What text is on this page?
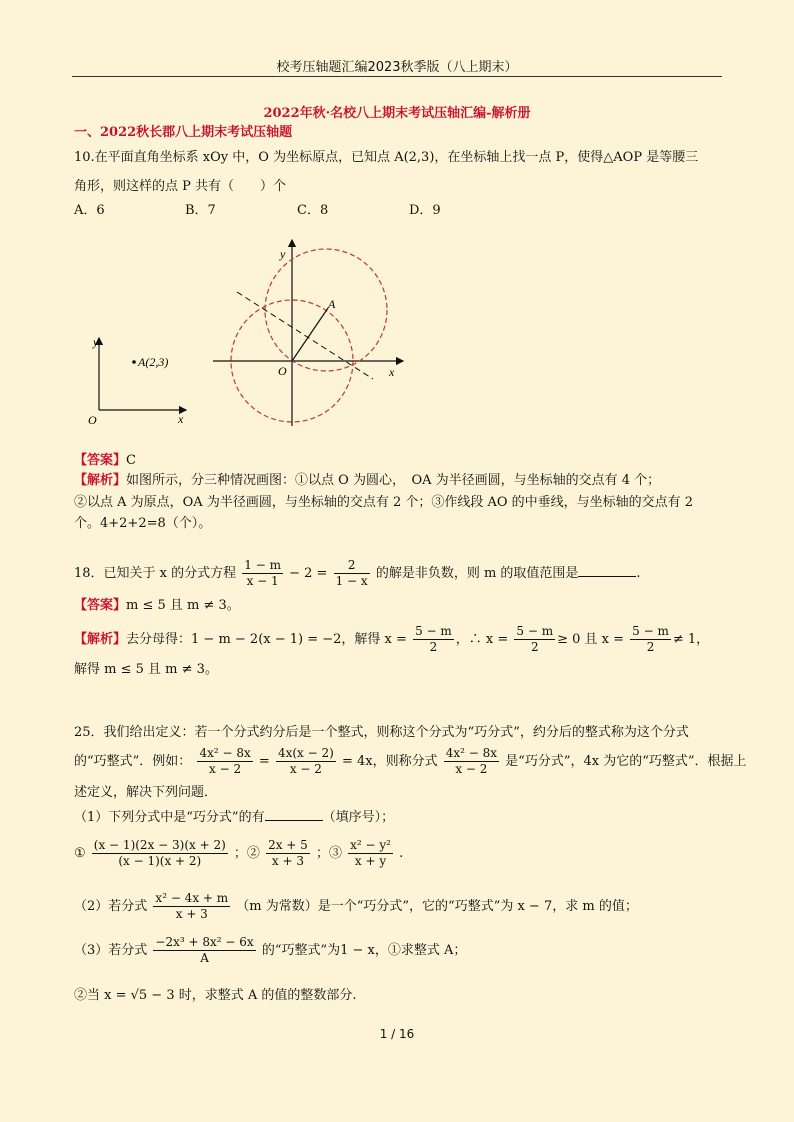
校考压轴题汇编2023秋季版（八上期末）
2022年秋·名校八上期末考试压轴汇编-解析册
一、2022秋长郡八上期末考试压轴题
10.在平面直角坐标系 xOy 中，O 为坐标原点，已知点 A(2,3)，在坐标轴上找一点 P，使得△AOP 是等腰三
角形，则这样的点 P 共有（　　）个
A．6	B．7	C．8	D．9
y
x
O
A(2,3)
y
x
O
A
【答案】C
【解析】如图所示，分三种情况画图：①以点 O 为圆心，　OA 为半径画圆，与坐标轴的交点有 4 个；
②以点 A 为原点，OA 为半径画圆，与坐标轴的交点有 2 个；③作线段 AO 的中垂线，与坐标轴的交点有 2
个。4+2+2=8（个）。
18．已知关于 x 的分式方程 $\frac{1 - m}{x - 1} - 2 = \frac{2}{1 - x}$ 的解是非负数，则 m 的取值范围是	.
【答案】m ≤ 5 且 m ≠ 3。
【解析】去分母得：1 − m − 2(x − 1) = −2，解得 $x = \frac{5 - m}{2}$ ，∴ $x = \frac{5 - m}{2} \ge 0$ 且 $x = \frac{5 - m}{2} \ne 1$，
解得 m ≤ 5 且 m ≠ 3。
25．我们给出定义：若一个分式约分后是一个整式，则称这个分式为“巧分式”，约分后的整式称为这个分式
的“巧整式”．例如： $\frac{\text{4x² − 8x}}{x - 2} = \frac{4x(x - 2)}{x - 2} = 4x$，则称分式 $\frac{\text{4x² − 8x}}{x - 2}$ 是“巧分式”，4x 为它的“巧整式”．根据上
述定义，解决下列问题．
（1）下列分式中是“巧分式”的有	（填序号）；
① $\frac{(x - 1)(2x - 3)(x + 2)}{(x - 1)(x + 2)}$ ；② $\frac{2x + 5}{x + 3}$ ；③ $\frac{\text{x² − y²}}{x + y}$ .
（2）若分式 $\frac{\text{x² − 4x + m}}{x + 3} (m$ 为常数）是一个“巧分式”，它的“巧整式”为 x − 7，求 m 的值；
（3）若分式 $\frac{\text{−2x³ + 8x² − 6x}}{A}$ 的“巧整式”为1 − x，①求整式 A；
②当 x = √5 − 3 时，求整式 A 的值的整数部分.
1 / 16
